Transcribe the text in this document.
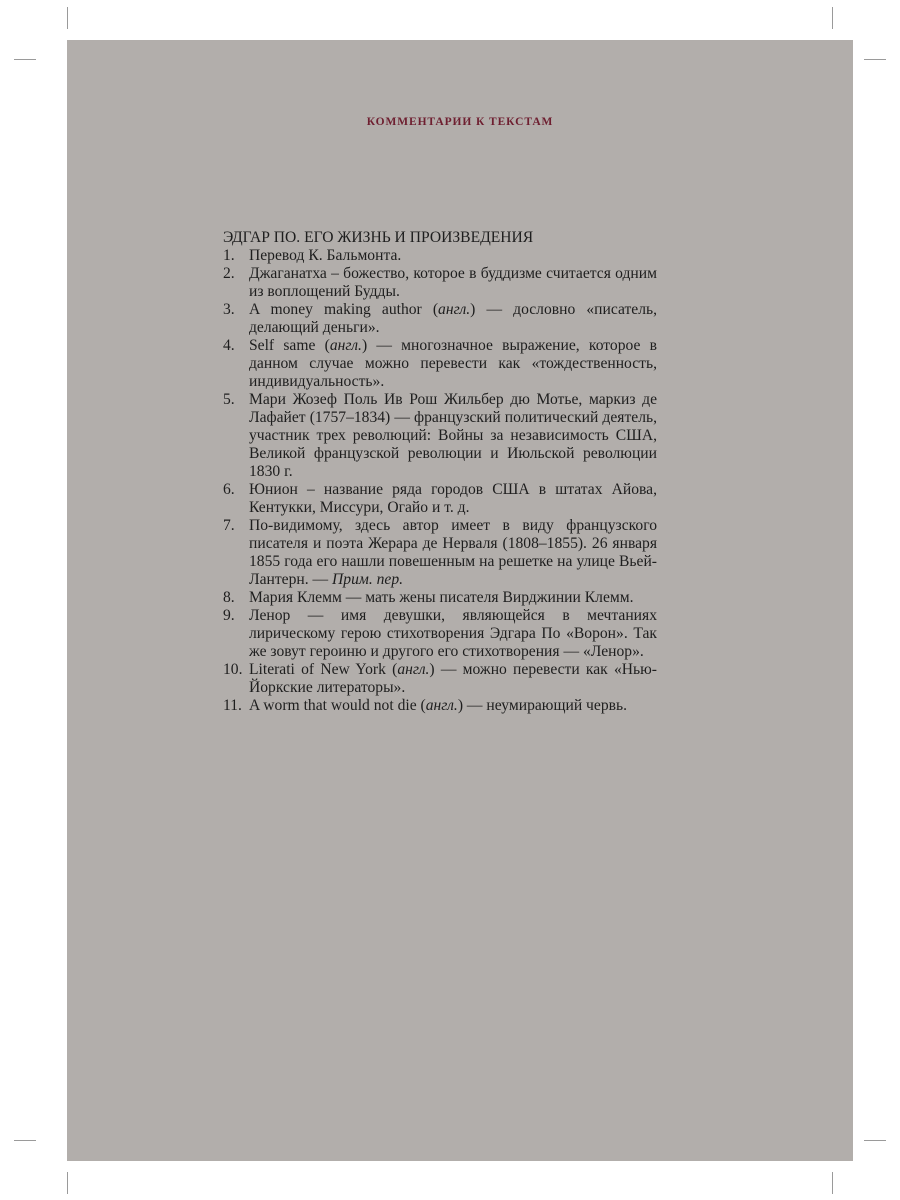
КОММЕНТАРИИ К ТЕКСТАМ
ЭДГАР ПО. ЕГО ЖИЗНЬ И ПРОИЗВЕДЕНИЯ
1. Перевод К. Бальмонта.
2. Джаганатха – божество, которое в буддизме считается одним из воплощений Будды.
3. A money making author (англ.) — дословно «писатель, делающий деньги».
4. Self same (англ.) — многозначное выражение, которое в данном случае можно перевести как «тождественность, индивидуальность».
5. Мари Жозеф Поль Ив Рош Жильбер дю Мотье, маркиз де Лафайет (1757–1834) — французский политический деятель, участник трех революций: Войны за независимость США, Великой французской революции и Июльской революции 1830 г.
6. Юнион – название ряда городов США в штатах Айова, Кентукки, Миссури, Огайо и т. д.
7. По-видимому, здесь автор имеет в виду французского писателя и поэта Жерара де Нерваля (1808–1855). 26 января 1855 года его нашли повешенным на решетке на улице Вьей-Лантерн. — Прим. пер.
8. Мария Клемм — мать жены писателя Вирджинии Клемм.
9. Ленор — имя девушки, являющейся в мечтаниях лирическому герою стихотворения Эдгара По «Ворон». Так же зовут героиню и другого его стихотворения — «Ленор».
10. Literati of New York (англ.) — можно перевести как «Нью-Йоркские литераторы».
11. A worm that would not die (англ.) — неумирающий червь.
